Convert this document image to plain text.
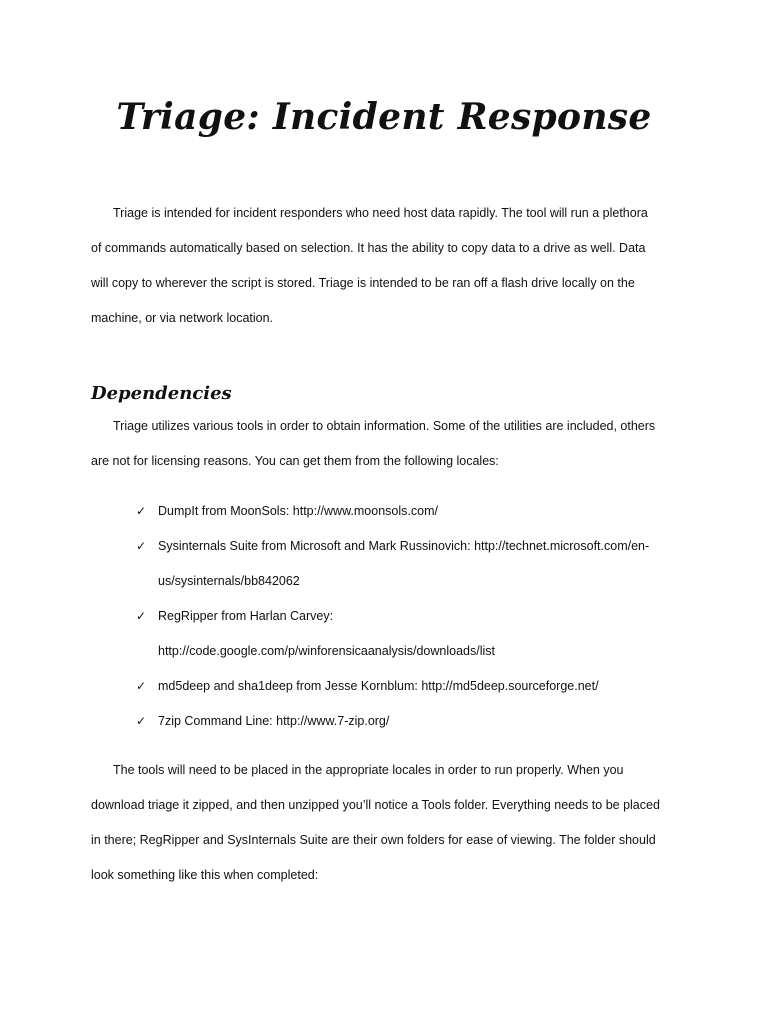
Triage: Incident Response
Triage is intended for incident responders who need host data rapidly. The tool will run a plethora
of commands automatically based on selection. It has the ability to copy data to a drive as well. Data
will copy to wherever the script is stored. Triage is intended to be ran off a flash drive locally on the
machine, or via network location.
Dependencies
Triage utilizes various tools in order to obtain information. Some of the utilities are included, others
are not for licensing reasons. You can get them from the following locales:
✓ DumpIt from MoonSols: http://www.moonsols.com/
✓ Sysinternals Suite from Microsoft and Mark Russinovich: http://technet.microsoft.com/en-
us/sysinternals/bb842062
✓ RegRipper from Harlan Carvey:
http://code.google.com/p/winforensicaanalysis/downloads/list
✓ md5deep and sha1deep from Jesse Kornblum: http://md5deep.sourceforge.net/
✓ 7zip Command Line: http://www.7-zip.org/
The tools will need to be placed in the appropriate locales in order to run properly. When you
download triage it zipped, and then unzipped you’ll notice a Tools folder. Everything needs to be placed
in there; RegRipper and SysInternals Suite are their own folders for ease of viewing. The folder should
look something like this when completed:
